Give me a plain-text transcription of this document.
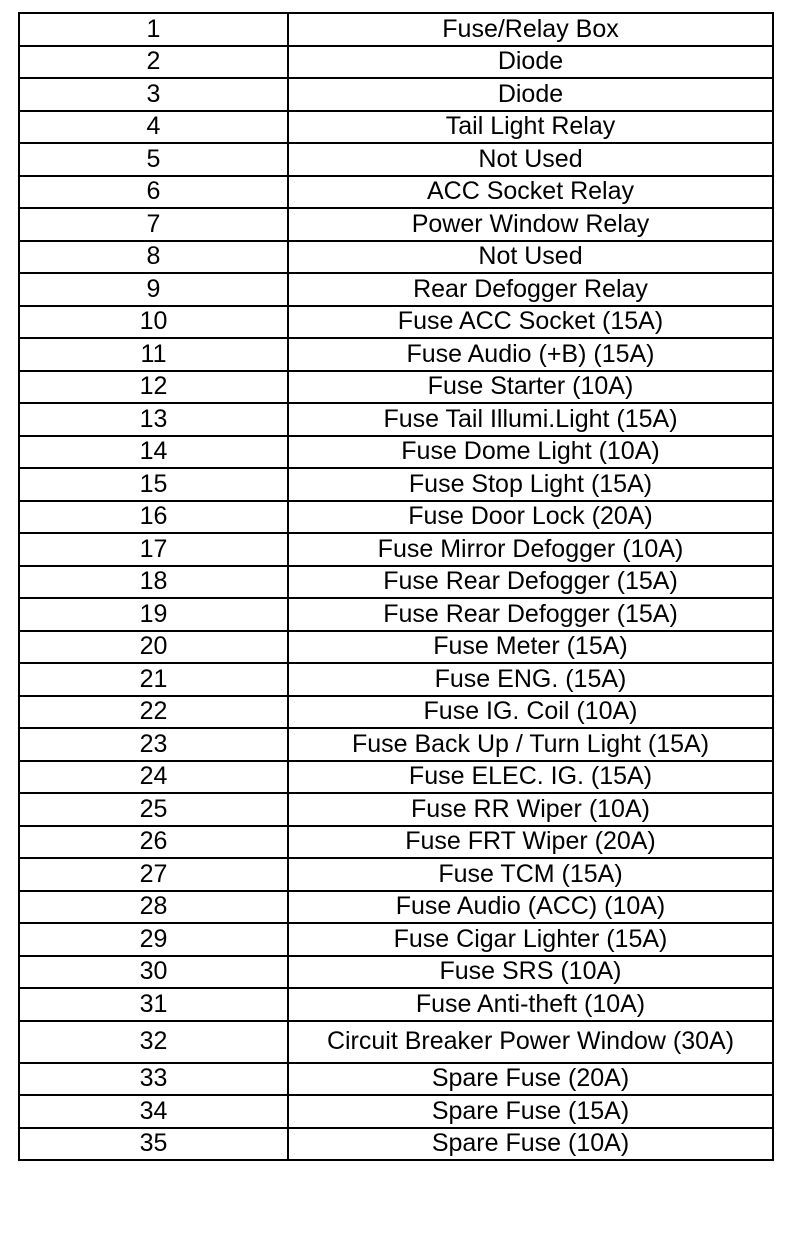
1	Fuse/Relay Box
2	Diode
3	Diode
4	Tail Light Relay
5	Not Used
6	ACC Socket Relay
7	Power Window Relay
8	Not Used
9	Rear Defogger Relay
10	Fuse ACC Socket (15A)
11	Fuse Audio (+B) (15A)
12	Fuse Starter (10A)
13	Fuse Tail Illumi.Light (15A)
14	Fuse Dome Light (10A)
15	Fuse Stop Light (15A)
16	Fuse Door Lock (20A)
17	Fuse Mirror Defogger (10A)
18	Fuse Rear Defogger (15A)
19	Fuse Rear Defogger (15A)
20	Fuse Meter (15A)
21	Fuse ENG. (15A)
22	Fuse IG. Coil (10A)
23	Fuse Back Up / Turn Light (15A)
24	Fuse ELEC. IG. (15A)
25	Fuse RR Wiper (10A)
26	Fuse FRT Wiper (20A)
27	Fuse TCM (15A)
28	Fuse Audio (ACC) (10A)
29	Fuse Cigar Lighter (15A)
30	Fuse SRS (10A)
31	Fuse Anti-theft (10A)
32	Circuit Breaker Power Window (30A)
33	Spare Fuse (20A)
34	Spare Fuse (15A)
35	Spare Fuse (10A)
